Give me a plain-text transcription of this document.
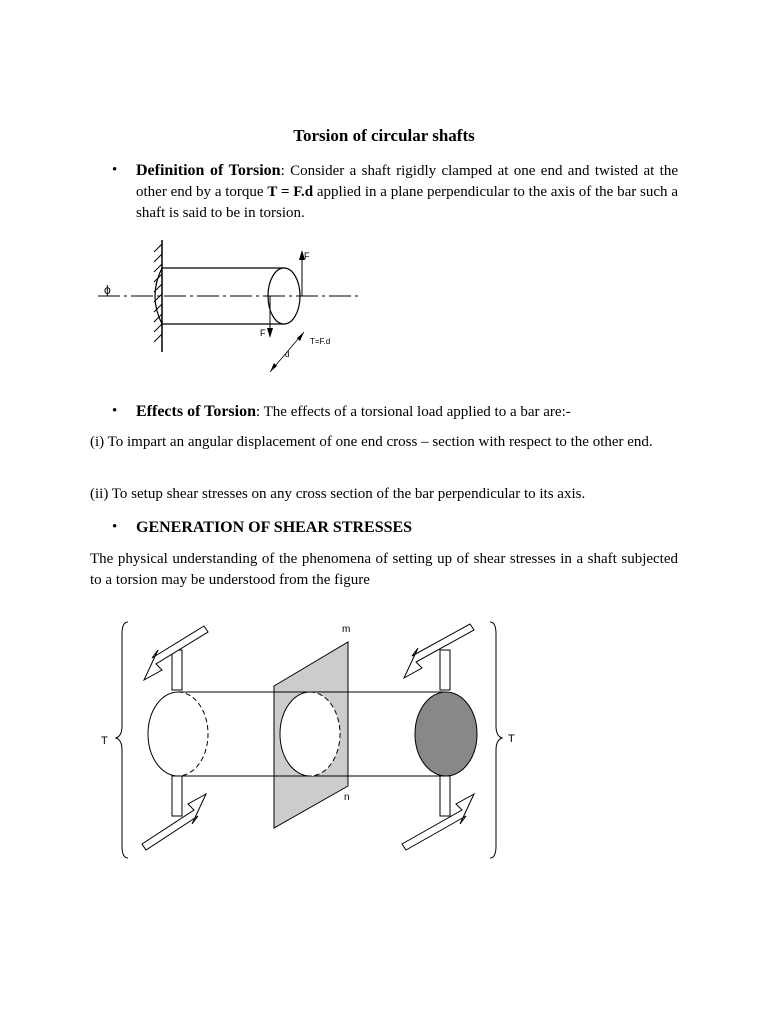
Torsion of circular shafts
• Definition of Torsion: Consider a shaft rigidly clamped at one end and twisted at the other end by a torque T = F.d applied in a plane perpendicular to the axis of the bar such a shaft is said to be in torsion.
ϕ
F
F
d
T=F.d
• Effects of Torsion: The effects of a torsional load applied to a bar are:-
(i) To impart an angular displacement of one end cross – section with respect to the other end.
(ii) To setup shear stresses on any cross section of the bar perpendicular to its axis.
• GENERATION OF SHEAR STRESSES
The physical understanding of the phenomena of setting up of shear stresses in a shaft subjected to a torsion may be understood from the figure
T	T
m
n
